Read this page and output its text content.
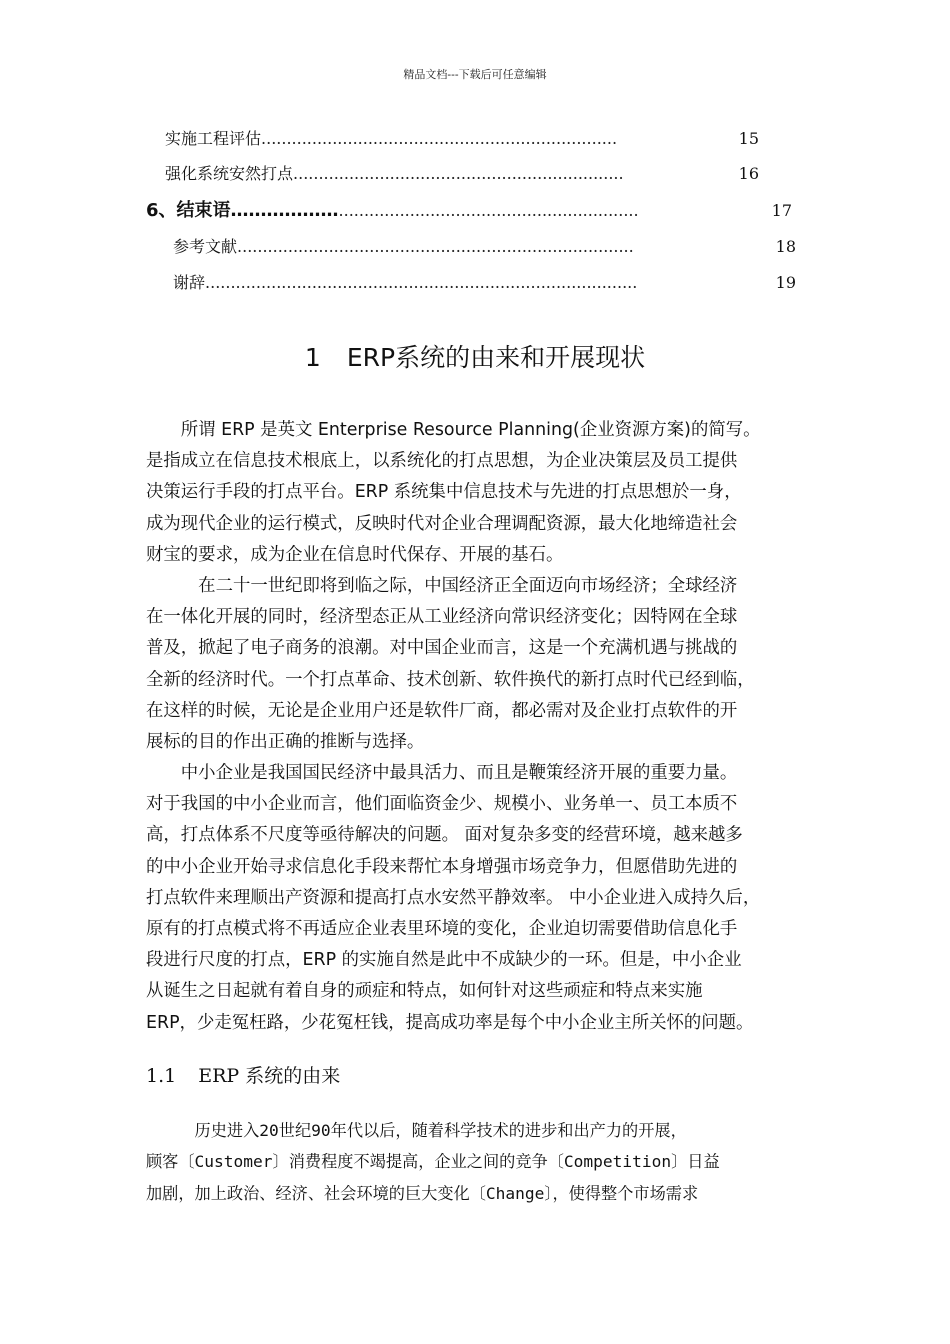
精品文档---下载后可任意编辑
实施工程评估 ......................................................................	15
强化系统安然打点 .................................................................	16
6、结束语 ……………… ...........................................................	17
参考文献 ..............................................................................	18
谢辞 .....................................................................................	19
1 ERP系统的由来和开展现状
　　所谓 ERP 是英文 Enterprise Resource Planning(企业资源方案)的简写。
是指成立在信息技术根底上，以系统化的打点思想，为企业决策层及员工提供
决策运行手段的打点平台。ERP 系统集中信息技术与先进的打点思想於一身，
成为现代企业的运行模式，反映时代对企业合理调配资源，最大化地缔造社会
财宝的要求，成为企业在信息时代保存、开展的基石。
　　　在二十一世纪即将到临之际，中国经济正全面迈向市场经济；全球经济
在一体化开展的同时，经济型态正从工业经济向常识经济变化；因特网在全球
普及，掀起了电子商务的浪潮。对中国企业而言，这是一个充满机遇与挑战的
全新的经济时代。一个打点革命、技术创新、软件换代的新打点时代已经到临，
在这样的时候，无论是企业用户还是软件厂商，都必需对及企业打点软件的开
展标的目的作出正确的推断与选择。
　　中小企业是我国国民经济中最具活力、而且是鞭策经济开展的重要力量。
对于我国的中小企业而言，他们面临资金少、规模小、业务单一、员工本质不
高，打点体系不尺度等亟待解决的问题。 面对复杂多变的经营环境，越来越多
的中小企业开始寻求信息化手段来帮忙本身增强市场竞争力，但愿借助先进的
打点软件来理顺出产资源和提高打点水安然平静效率。 中小企业进入成持久后，
原有的打点模式将不再适应企业表里环境的变化，企业迫切需要借助信息化手
段进行尺度的打点，ERP 的实施自然是此中不成缺少的一环。但是，中小企业
从诞生之日起就有着自身的顽症和特点，如何针对这些顽症和特点来实施
ERP，少走冤枉路，少花冤枉钱，提高成功率是每个中小企业主所关怀的问题。
1.1 ERP 系统的由来
　　　历史进入20世纪90年代以后，随着科学技术的进步和出产力的开展，
顾客〔Customer〕消费程度不竭提高，企业之间的竞争〔Competition〕日益
加剧，加上政治、经济、社会环境的巨大变化〔Change〕，使得整个市场需求
